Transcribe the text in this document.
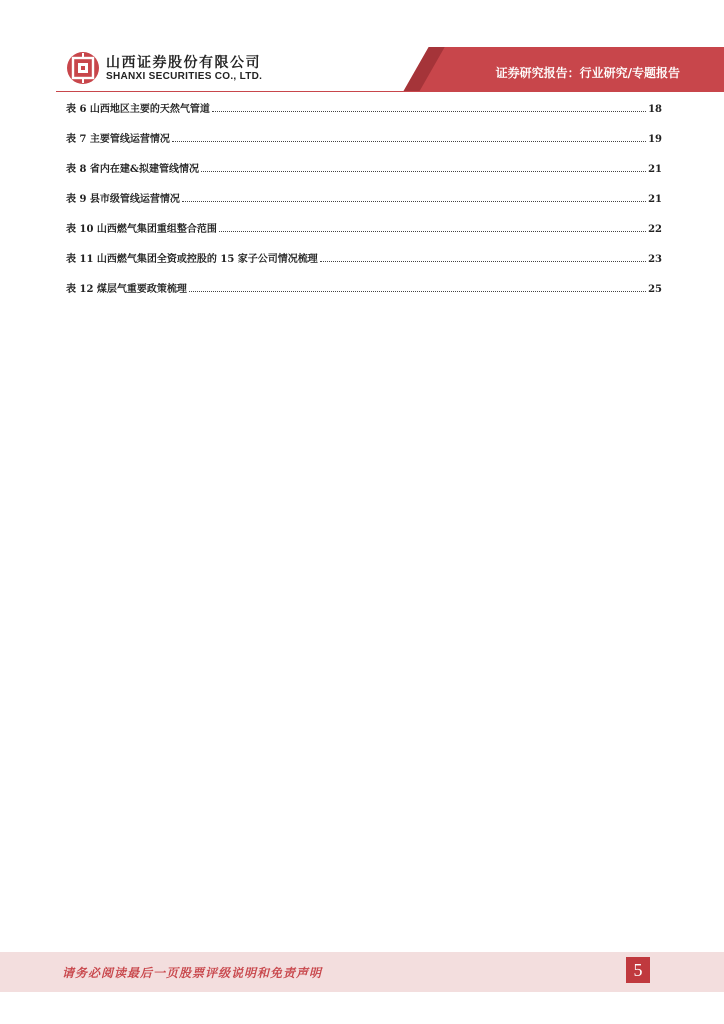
山西证券股份有限公司
SHANXI SECURITIES CO., LTD.	证券研究报告：行业研究/专题报告
表 6 山西地区主要的天然气管道	18
表 7 主要管线运营情况	19
表 8 省内在建&拟建管线情况	21
表 9 县市级管线运营情况	21
表 10 山西燃气集团重组整合范围	22
表 11 山西燃气集团全资或控股的 15 家子公司情况梳理	23
表 12 煤层气重要政策梳理	25
请务必阅读最后一页股票评级说明和免责声明	5
